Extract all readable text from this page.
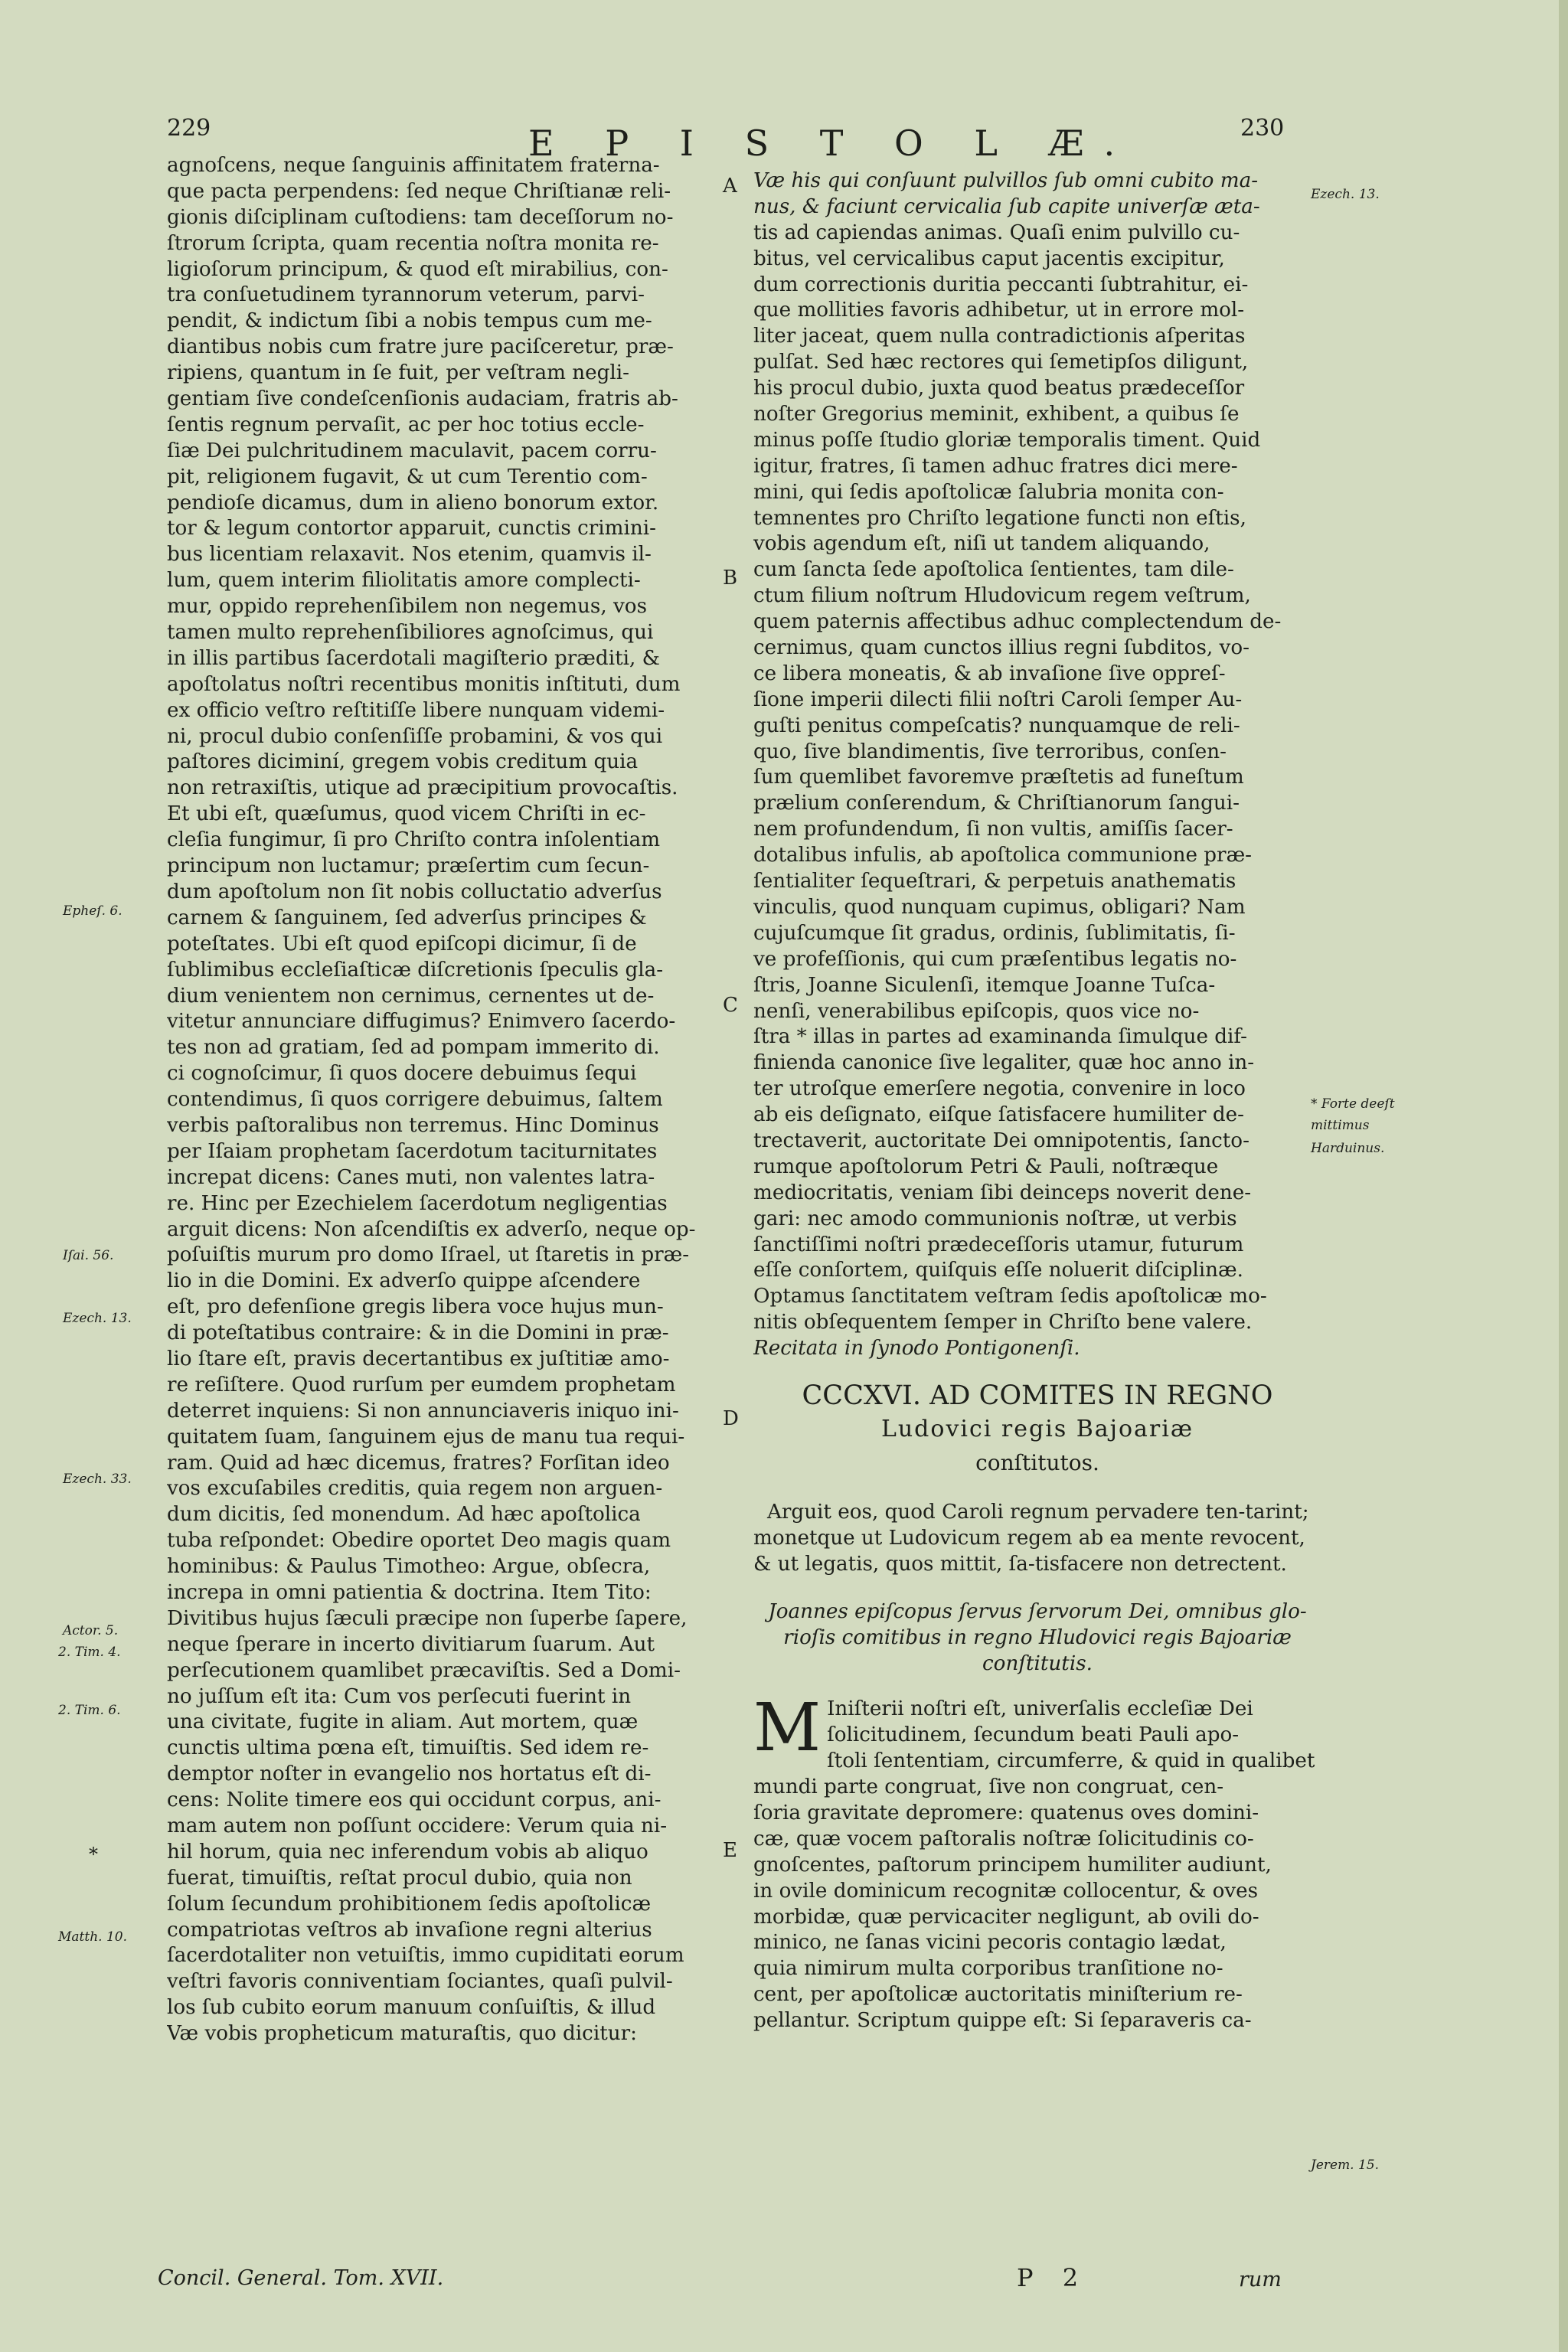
229	E P I S T O L Æ.	230
agnoſcens, neque ſanguinis affinitatem fraterna-
que pacta perpendens: ſed neque Chriſtianæ reli-
gionis diſciplinam cuſtodiens: tam deceſſorum no-
ſtrorum ſcripta, quam recentia noſtra monita re-
ligioſorum principum, & quod eſt mirabilius, con-
tra conſuetudinem tyrannorum veterum, parvi-
pendit, & indictum ſibi a nobis tempus cum me-
diantibus nobis cum fratre jure paciſceretur, præ-
ripiens, quantum in ſe fuit, per veſtram negli-
gentiam ſive condeſcenſionis audaciam, fratris ab-
ſentis regnum pervaſit, ac per hoc totius eccle-
ſiæ Dei pulchritudinem maculavit, pacem corru-
pit, religionem fugavit, & ut cum Terentio com-
pendioſe dicamus, dum in alieno bonorum extor.
tor & legum contortor apparuit, cunctis crimini-
bus licentiam relaxavit. Nos etenim, quamvis il-
lum, quem interim filiolitatis amore complecti-
mur, oppido reprehenſibilem non negemus, vos
tamen multo reprehenſibiliores agnoſcimus, qui
in illis partibus ſacerdotali magiſterio præditi, &
apoſtolatus noſtri recentibus monitis inſtituti, dum
ex officio veſtro reſtitiſſe libere nunquam videmi-
ni, procul dubio conſenſiſſe probamini, & vos qui
paſtores diciminí, gregem vobis creditum quia
non retraxiſtis, utique ad præcipitium provocaſtis.
Et ubi eſt, quæſumus, quod vicem Chriſti in ec-
cleſia fungimur, ſi pro Chriſto contra inſolentiam
principum non luctamur; præſertim cum ſecun-
dum apoſtolum non ſit nobis colluctatio adverſus
carnem & ſanguinem, ſed adverſus principes &
poteſtates. Ubi eſt quod epiſcopi dicimur, ſi de
ſublimibus eccleſiaſticæ diſcretionis ſpeculis gla-
dium venientem non cernimus, cernentes ut de-
vitetur annunciare diffugimus? Enimvero ſacerdo-
tes non ad gratiam, ſed ad pompam immerito di.
ci cognoſcimur, ſi quos docere debuimus ſequi
contendimus, ſi quos corrigere debuimus, ſaltem
verbis paſtoralibus non terremus. Hinc Dominus
per Iſaiam prophetam ſacerdotum taciturnitates
increpat dicens: Canes muti, non valentes latra-
re. Hinc per Ezechielem ſacerdotum negligentias
arguit dicens: Non aſcendiſtis ex adverſo, neque op-
poſuiſtis murum pro domo Iſrael, ut ſtaretis in præ-
lio in die Domini. Ex adverſo quippe aſcendere
eſt, pro defenſione gregis libera voce hujus mun-
di poteſtatibus contraire: & in die Domini in præ-
lio ſtare eſt, pravis decertantibus ex juſtitiæ amo-
re reſiſtere. Quod rurſum per eumdem prophetam
deterret inquiens: Si non annunciaveris iniquo ini-
quitatem ſuam, ſanguinem ejus de manu tua requi-
ram. Quid ad hæc dicemus, fratres? Forſitan ideo
vos excuſabiles creditis, quia regem non arguen-
dum dicitis, ſed monendum. Ad hæc apoſtolica
tuba reſpondet: Obedire oportet Deo magis quam
hominibus: & Paulus Timotheo: Argue, obſecra,
increpa in omni patientia & doctrina. Item Tito:
Divitibus hujus ſæculi præcipe non ſuperbe ſapere,
neque ſperare in incerto divitiarum ſuarum. Aut
perſecutionem quamlibet præcaviſtis. Sed a Domi-
no juſſum eſt ita: Cum vos perſecuti fuerint in
una civitate, fugite in aliam. Aut mortem, quæ
cunctis ultima pœna eſt, timuiſtis. Sed idem re-
demptor noſter in evangelio nos hortatus eſt di-
cens: Nolite timere eos qui occidunt corpus, ani-
mam autem non poſſunt occidere: Verum quia ni-
hil horum, quia nec inferendum vobis ab aliquo
fuerat, timuiſtis, reſtat procul dubio, quia non
ſolum ſecundum prohibitionem ſedis apoſtolicæ
compatriotas veſtros ab invaſione regni alterius
ſacerdotaliter non vetuiſtis, immo cupiditati eorum
veſtri favoris conniventiam ſociantes, quaſi pulvil-
los ſub cubito eorum manuum conſuiſtis, & illud
Væ vobis propheticum maturaſtis, quo dicitur:
Væ his qui conſuunt pulvillos ſub omni cubito ma-
nus, & faciunt cervicalia ſub capite univerſæ æta-
tis ad capiendas animas. Quaſi enim pulvillo cu-
bitus, vel cervicalibus caput jacentis excipitur,
dum correctionis duritia peccanti ſubtrahitur, ei-
que mollities favoris adhibetur, ut in errore mol-
liter jaceat, quem nulla contradictionis aſperitas
pulſat. Sed hæc rectores qui ſemetipſos diligunt,
his procul dubio, juxta quod beatus prædeceſſor
noſter Gregorius meminit, exhibent, a quibus ſe
minus poſſe ſtudio gloriæ temporalis timent. Quid
igitur, fratres, ſi tamen adhuc fratres dici mere-
mini, qui ſedis apoſtolicæ ſalubria monita con-
temnentes pro Chriſto legatione functi non eſtis,
vobis agendum eſt, niſi ut tandem aliquando,
cum ſancta ſede apoſtolica ſentientes, tam dile-
ctum filium noſtrum Hludovicum regem veſtrum,
quem paternis affectibus adhuc complectendum de-
cernimus, quam cunctos illius regni ſubditos, vo-
ce libera moneatis, & ab invaſione ſive oppreſ-
ſione imperii dilecti filii noſtri Caroli ſemper Au-
guſti penitus compeſcatis? nunquamque de reli-
quo, ſive blandimentis, ſive terroribus, conſen-
ſum quemlibet favoremve præſtetis ad funeſtum
prælium conſerendum, & Chriſtianorum ſangui-
nem profundendum, ſi non vultis, amiſſis ſacer-
dotalibus infulis, ab apoſtolica communione præ-
ſentialiter ſequeſtrari, & perpetuis anathematis
vinculis, quod nunquam cupimus, obligari? Nam
cujuſcumque ſit gradus, ordinis, ſublimitatis, ſi-
ve profeſſionis, qui cum præſentibus legatis no-
ſtris, Joanne Siculenſi, itemque Joanne Tuſca-
nenſi, venerabilibus epiſcopis, quos vice no-
ſtra * illas in partes ad examinanda ſimulque dif-
finienda canonice ſive legaliter, quæ hoc anno in-
ter utroſque emerſere negotia, convenire in loco
ab eis deſignato, eiſque ſatisfacere humiliter de-
trectaverit, auctoritate Dei omnipotentis, ſancto-
rumque apoſtolorum Petri & Pauli, noſtræque
mediocritatis, veniam ſibi deinceps noverit dene-
gari: nec amodo communionis noſtræ, ut verbis
ſanctiſſimi noſtri prædeceſſoris utamur, futurum
eſſe conſortem, quiſquis eſſe noluerit diſciplinæ.
Optamus ſanctitatem veſtram ſedis apoſtolicæ mo-
nitis obſequentem ſemper in Chriſto bene valere.
Recitata in ſynodo Pontigonenſi.
CCCXVI. AD COMITES IN REGNO
Ludovici regis Bajoariæ
conſtitutos.
Arguit eos, quod Caroli regnum pervadere ten-tarint; monetque ut Ludovicum regem ab ea mente revocent, & ut legatis, quos mittit, ſa-tisfacere non detrectent.
Joannes epiſcopus ſervus ſervorum Dei, omnibus glo-rioſis comitibus in regno Hludovici regis Bajoariæ conſtitutis.
M Iniſterii noſtri eſt, univerſalis eccleſiæ Dei
ſolicitudinem, ſecundum beati Pauli apo-
ſtoli ſententiam, circumferre, & quid in qualibet
mundi parte congruat, ſive non congruat, cen-
ſoria gravitate depromere: quatenus oves domini-
cæ, quæ vocem paſtoralis noſtræ ſolicitudinis co-
gnoſcentes, paſtorum principem humiliter audiunt,
in ovile dominicum recognitæ collocentur, & oves
morbidæ, quæ pervicaciter negligunt, ab ovili do-
minico, ne ſanas vicini pecoris contagio lædat,
quia nimirum multa corporibus tranſitione no-
cent, per apoſtolicæ auctoritatis miniſterium re-
pellantur. Scriptum quippe eſt: Si ſeparaveris ca-
Concil. General. Tom. XVII.	P 2	rum
A
B
C
D
E
Epheſ. 6.
Iſai. 56.
Ezech. 13.
Ezech. 33.
Actor. 5.
2. Tim. 4.
2. Tim. 6.
*
Matth. 10.
Ezech. 13.
* Forte deeſt
mittimus
Harduinus.
Jerem. 15.
